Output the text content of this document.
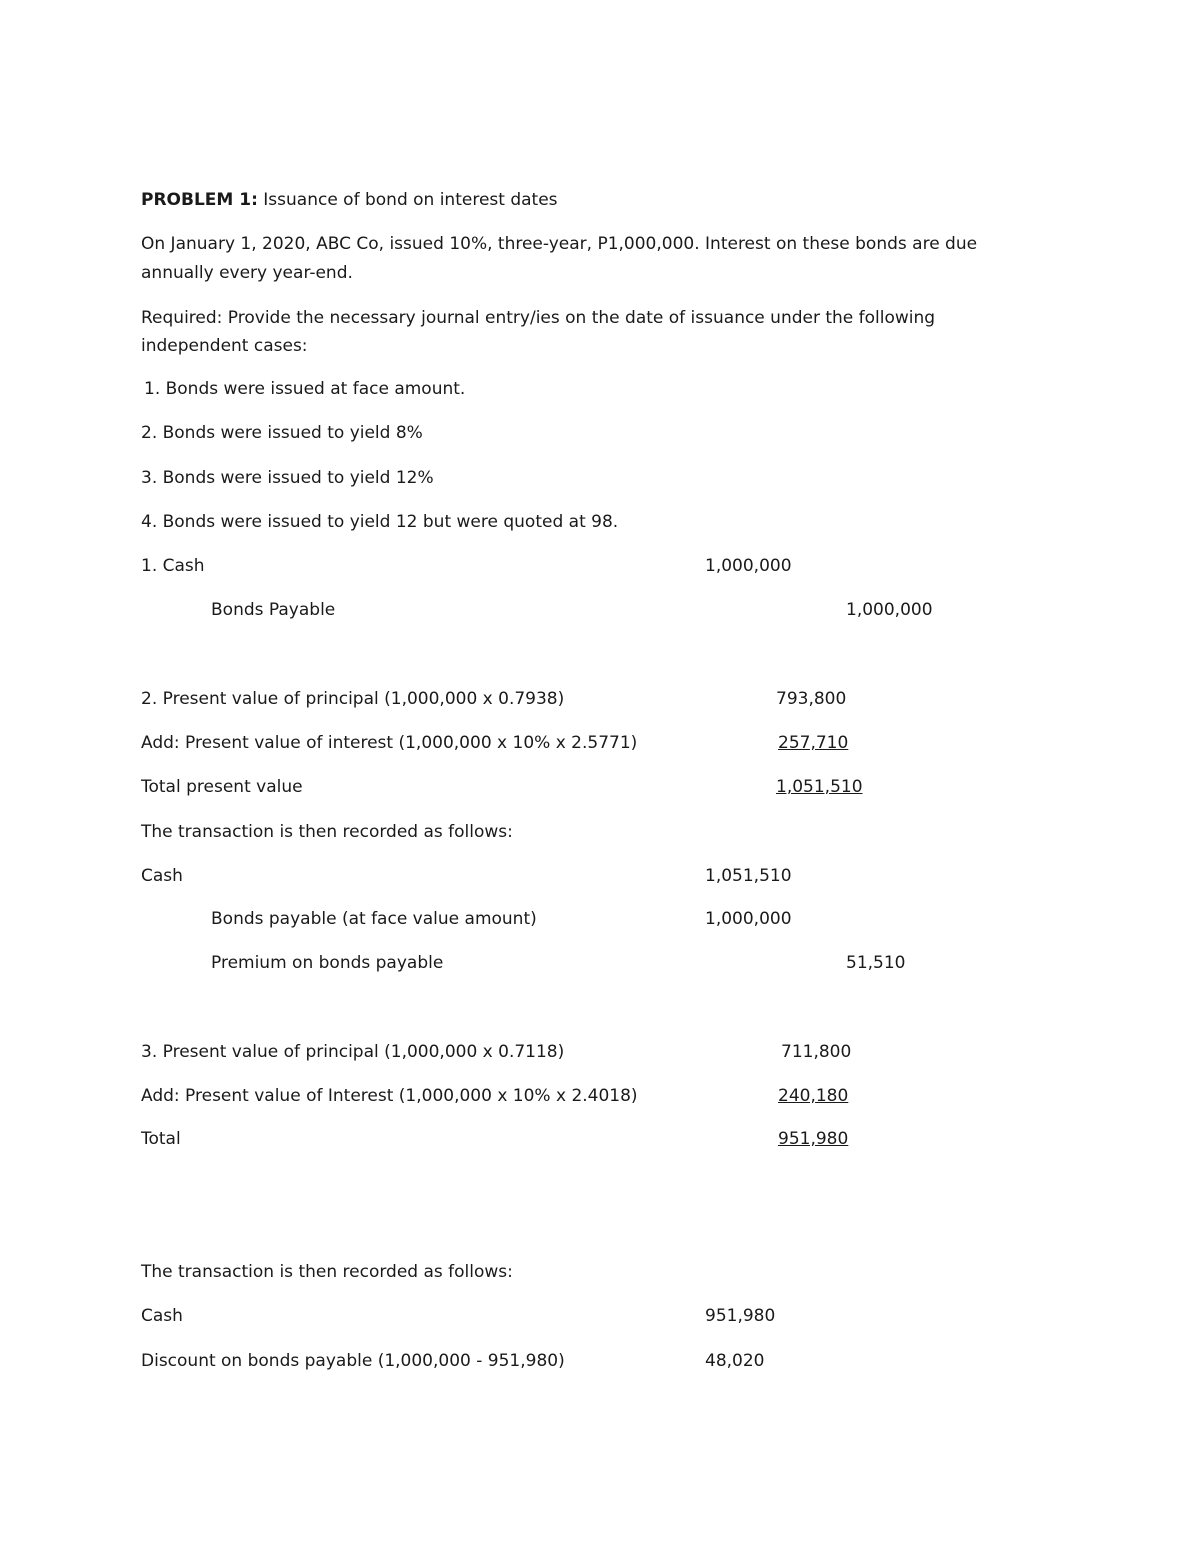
PROBLEM 1: Issuance of bond on interest dates
On January 1, 2020, ABC Co, issued 10%, three-year, P1,000,000. Interest on these bonds are due
annually every year-end.
Required: Provide the necessary journal entry/ies on the date of issuance under the following
independent cases:
1. Bonds were issued at face amount.
2. Bonds were issued to yield 8%
3. Bonds were issued to yield 12%
4. Bonds were issued to yield 12 but were quoted at 98.
1. Cash	1,000,000
Bonds Payable	1,000,000
2. Present value of principal (1,000,000 x 0.7938)	793,800
Add: Present value of interest (1,000,000 x 10% x 2.5771)	257,710
Total present value	1,051,510
The transaction is then recorded as follows:
Cash	1,051,510
Bonds payable (at face value amount)	1,000,000
Premium on bonds payable	51,510
3. Present value of principal (1,000,000 x 0.7118)	711,800
Add: Present value of Interest (1,000,000 x 10% x 2.4018)	240,180
Total	951,980
The transaction is then recorded as follows:
Cash	951,980
Discount on bonds payable (1,000,000 - 951,980)	48,020
